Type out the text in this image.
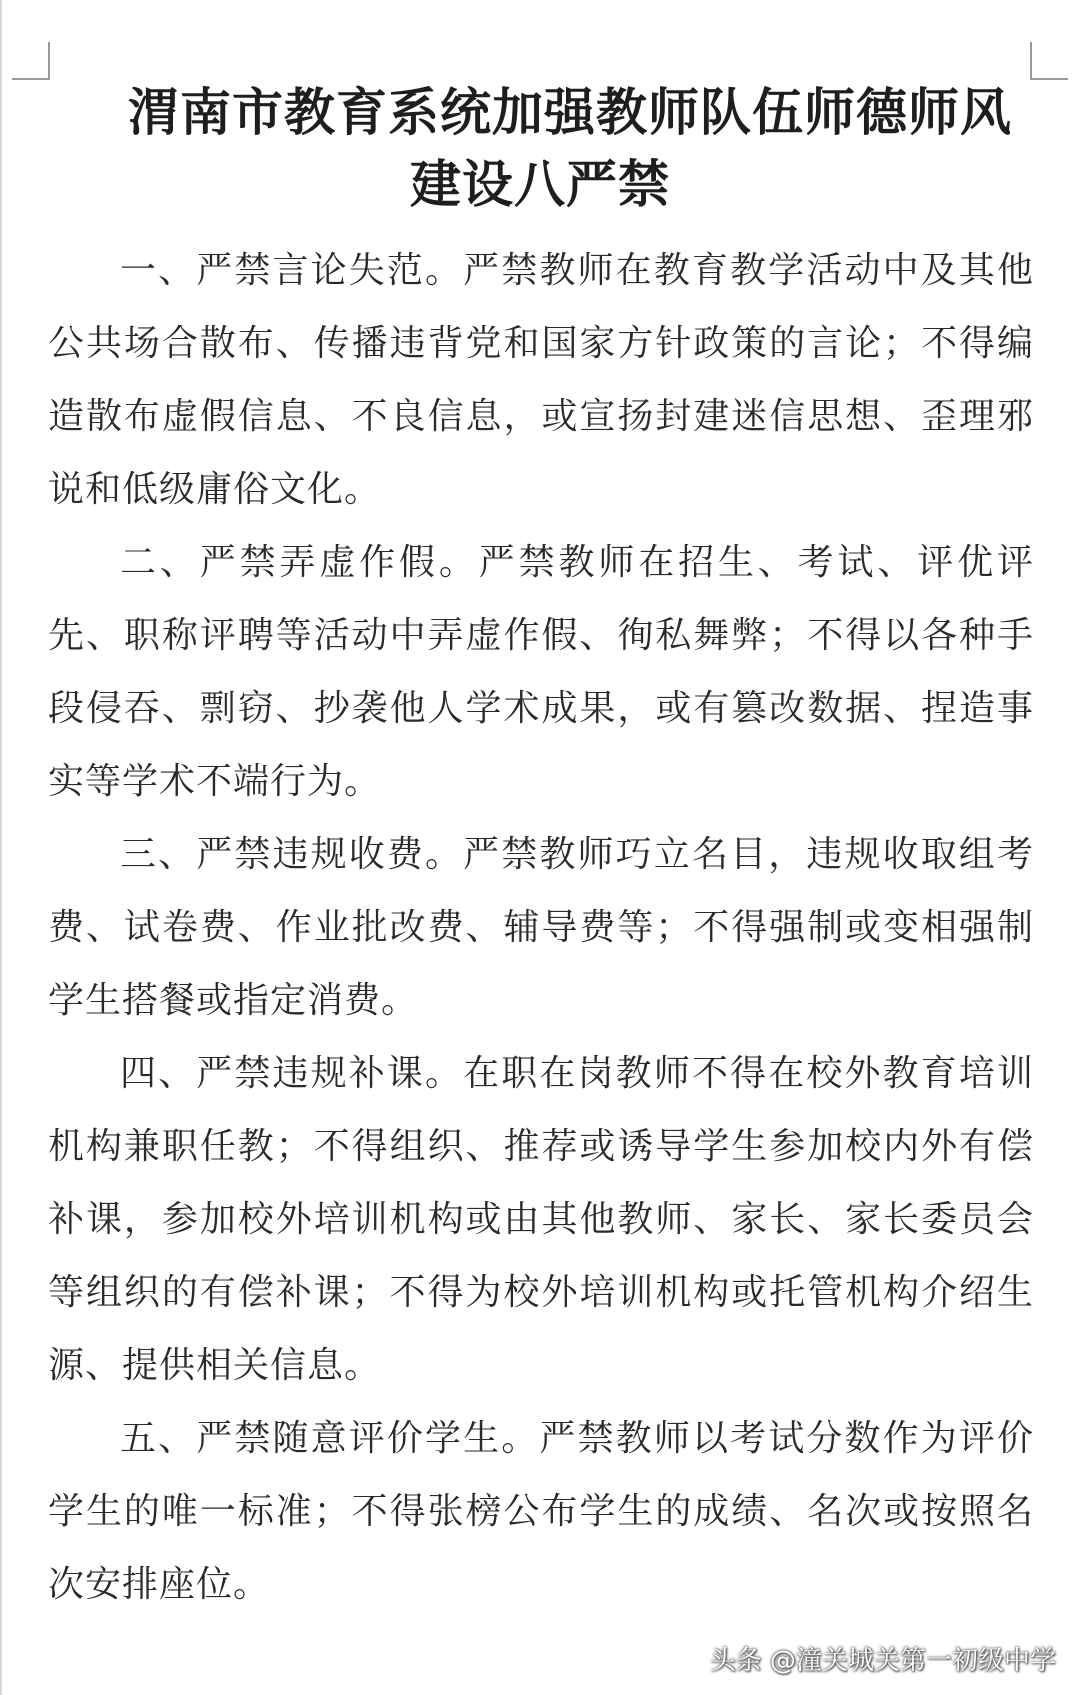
渭南市教育系统加强教师队伍师德师风
建设八严禁

一、严禁言论失范。严禁教师在教育教学活动中及其他公共场合散布、传播违背党和国家方针政策的言论；不得编造散布虚假信息、不良信息，或宣扬封建迷信思想、歪理邪说和低级庸俗文化。

二、严禁弄虚作假。严禁教师在招生、考试、评优评先、职称评聘等活动中弄虚作假、徇私舞弊；不得以各种手段侵吞、剽窃、抄袭他人学术成果，或有篡改数据、捏造事实等学术不端行为。

三、严禁违规收费。严禁教师巧立名目，违规收取组考费、试卷费、作业批改费、辅导费等；不得强制或变相强制学生搭餐或指定消费。

四、严禁违规补课。在职在岗教师不得在校外教育培训机构兼职任教；不得组织、推荐或诱导学生参加校内外有偿补课，参加校外培训机构或由其他教师、家长、家长委员会等组织的有偿补课；不得为校外培训机构或托管机构介绍生源、提供相关信息。

五、严禁随意评价学生。严禁教师以考试分数作为评价学生的唯一标准；不得张榜公布学生的成绩、名次或按照名次安排座位。

头条 @潼关城关第一初级中学
